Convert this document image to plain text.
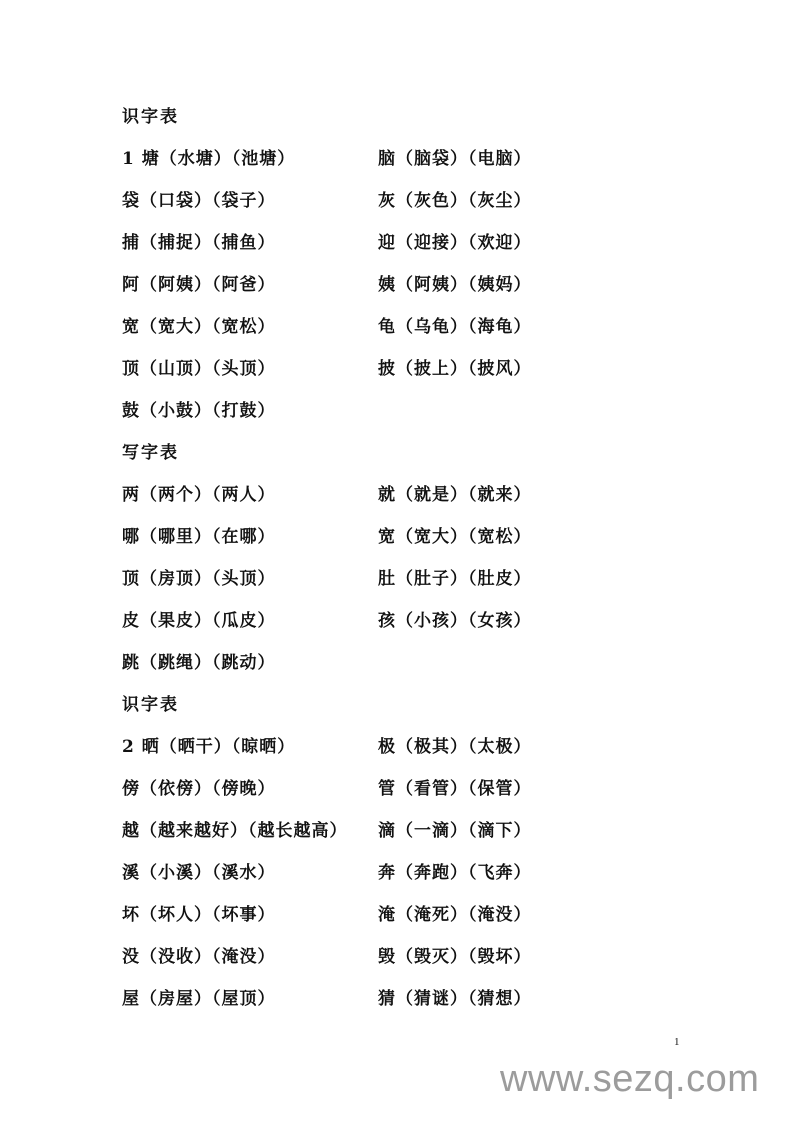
识字表
1 塘（水塘）（池塘）	脑（脑袋）（电脑）
袋（口袋）（袋子）	灰（灰色）（灰尘）
捕（捕捉）（捕鱼）	迎（迎接）（欢迎）
阿（阿姨）（阿爸）	姨（阿姨）（姨妈）
宽（宽大）（宽松）	龟（乌龟）（海龟）
顶（山顶）（头顶）	披（披上）（披风）
鼓（小鼓）（打鼓）
写字表
两（两个）（两人）	就（就是）（就来）
哪（哪里）（在哪）	宽（宽大）（宽松）
顶（房顶）（头顶）	肚（肚子）（肚皮）
皮（果皮）（瓜皮）	孩（小孩）（女孩）
跳（跳绳）（跳动）
识字表
2 晒（晒干）（晾晒）	极（极其）（太极）
傍（依傍）（傍晚）	管（看管）（保管）
越（越来越好）（越长越高） 滴（一滴）（滴下）
溪（小溪）（溪水）	奔（奔跑）（飞奔）
坏（坏人）（坏事）	淹（淹死）（淹没）
没（没收）（淹没）	毁（毁灭）（毁坏）
屋（房屋）（屋顶）	猜（猜谜）（猜想）
1
www.sezq.com
